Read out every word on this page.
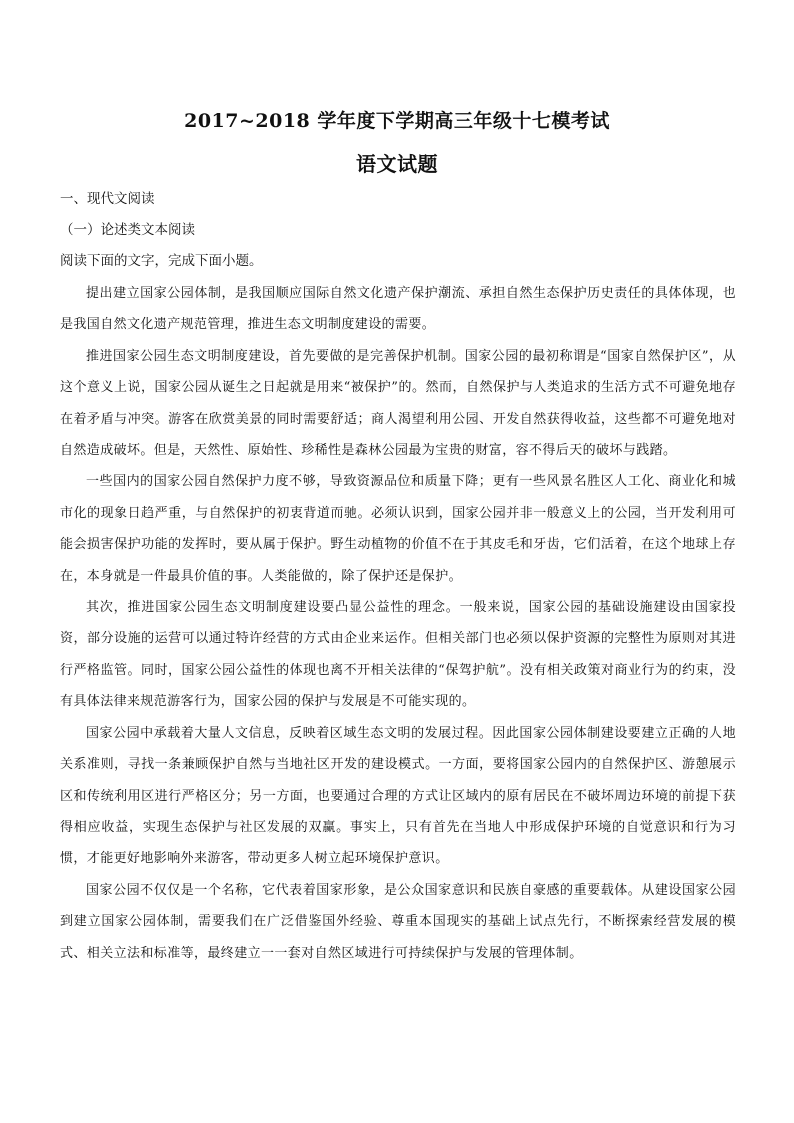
2017~2018 学年度下学期高三年级十七模考试
语文试题
一、现代文阅读
（一）论述类文本阅读
阅读下面的文字，完成下面小题。

提出建立国家公园体制，是我国顺应国际自然文化遗产保护潮流、承担自然生态保护历史责任的具体体现，也是我国自然文化遗产规范管理，推进生态文明制度建设的需要。

推进国家公园生态文明制度建设，首先要做的是完善保护机制。国家公园的最初称谓是“国家自然保护区”，从这个意义上说，国家公园从诞生之日起就是用来“被保护”的。然而，自然保护与人类追求的生活方式不可避免地存在着矛盾与冲突。游客在欣赏美景的同时需要舒适；商人渴望利用公园、开发自然获得收益，这些都不可避免地对自然造成破坏。但是，天然性、原始性、珍稀性是森林公园最为宝贵的财富，容不得后天的破坏与践踏。

一些国内的国家公园自然保护力度不够，导致资源品位和质量下降；更有一些风景名胜区人工化、商业化和城市化的现象日趋严重，与自然保护的初衷背道而驰。必须认识到，国家公园并非一般意义上的公园，当开发利用可能会损害保护功能的发挥时，要从属于保护。野生动植物的价值不在于其皮毛和牙齿，它们活着，在这个地球上存在，本身就是一件最具价值的事。人类能做的，除了保护还是保护。

其次，推进国家公园生态文明制度建设要凸显公益性的理念。一般来说，国家公园的基础设施建设由国家投资，部分设施的运营可以通过特许经营的方式由企业来运作。但相关部门也必须以保护资源的完整性为原则对其进行严格监管。同时，国家公园公益性的体现也离不开相关法律的“保驾护航”。没有相关政策对商业行为的约束，没有具体法律来规范游客行为，国家公园的保护与发展是不可能实现的。

国家公园中承载着大量人文信息，反映着区域生态文明的发展过程。因此国家公园体制建设要建立正确的人地关系准则，寻找一条兼顾保护自然与当地社区开发的建设模式。一方面，要将国家公园内的自然保护区、游憩展示区和传统利用区进行严格区分；另一方面，也要通过合理的方式让区域内的原有居民在不破坏周边环境的前提下获得相应收益，实现生态保护与社区发展的双赢。事实上，只有首先在当地人中形成保护环境的自觉意识和行为习惯，才能更好地影响外来游客，带动更多人树立起环境保护意识。

国家公园不仅仅是一个名称，它代表着国家形象，是公众国家意识和民族自豪感的重要载体。从建设国家公园到建立国家公园体制，需要我们在广泛借鉴国外经验、尊重本国现实的基础上试点先行，不断探索经营发展的模式、相关立法和标准等，最终建立一一套对自然区域进行可持续保护与发展的管理体制。
